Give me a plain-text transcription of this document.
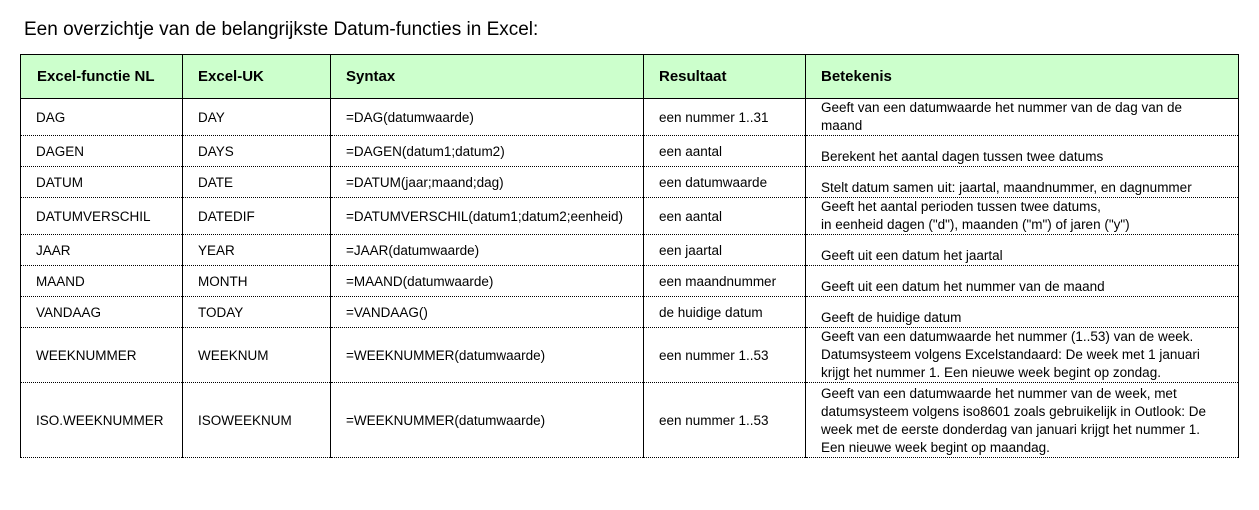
Een overzichtje van de belangrijkste Datum-functies in Excel:
Excel-functie NL	Excel-UK	Syntax	Resultaat	Betekenis
DAG	DAY	=DAG(datumwaarde)	een nummer 1..31	Geeft van een datumwaarde het nummer van de dag van de
maand

DAGEN	DAYS	=DAGEN(datum1;datum2)	een aantal	Berekent het aantal dagen tussen twee datums

DATUM	DATE	=DATUM(jaar;maand;dag)	een datumwaarde	Stelt datum samen uit: jaartal, maandnummer, en dagnummer

DATUMVERSCHIL	DATEDIF	=DATUMVERSCHIL(datum1;datum2;eenheid)	een aantal	Geeft het aantal perioden tussen twee datums,
in eenheid dagen ("d"), maanden ("m") of jaren ("y")

JAAR	YEAR	=JAAR(datumwaarde)	een jaartal	Geeft uit een datum het jaartal

MAAND	MONTH	=MAAND(datumwaarde)	een maandnummer	Geeft uit een datum het nummer van de maand

VANDAAG	TODAY	=VANDAAG()	de huidige datum	Geeft de huidige datum

WEEKNUMMER	WEEKNUM	=WEEKNUMMER(datumwaarde)	een nummer 1..53	Geeft van een datumwaarde het nummer (1..53) van de week.
Datumsysteem volgens Excelstandaard: De week met 1 januari
krijgt het nummer 1. Een nieuwe week begint op zondag.

ISO.WEEKNUMMER	ISOWEEKNUM	=WEEKNUMMER(datumwaarde)	een nummer 1..53	Geeft van een datumwaarde het nummer van de week, met
datumsysteem volgens iso8601 zoals gebruikelijk in Outlook: De
week met de eerste donderdag van januari krijgt het nummer 1.
Een nieuwe week begint op maandag.
